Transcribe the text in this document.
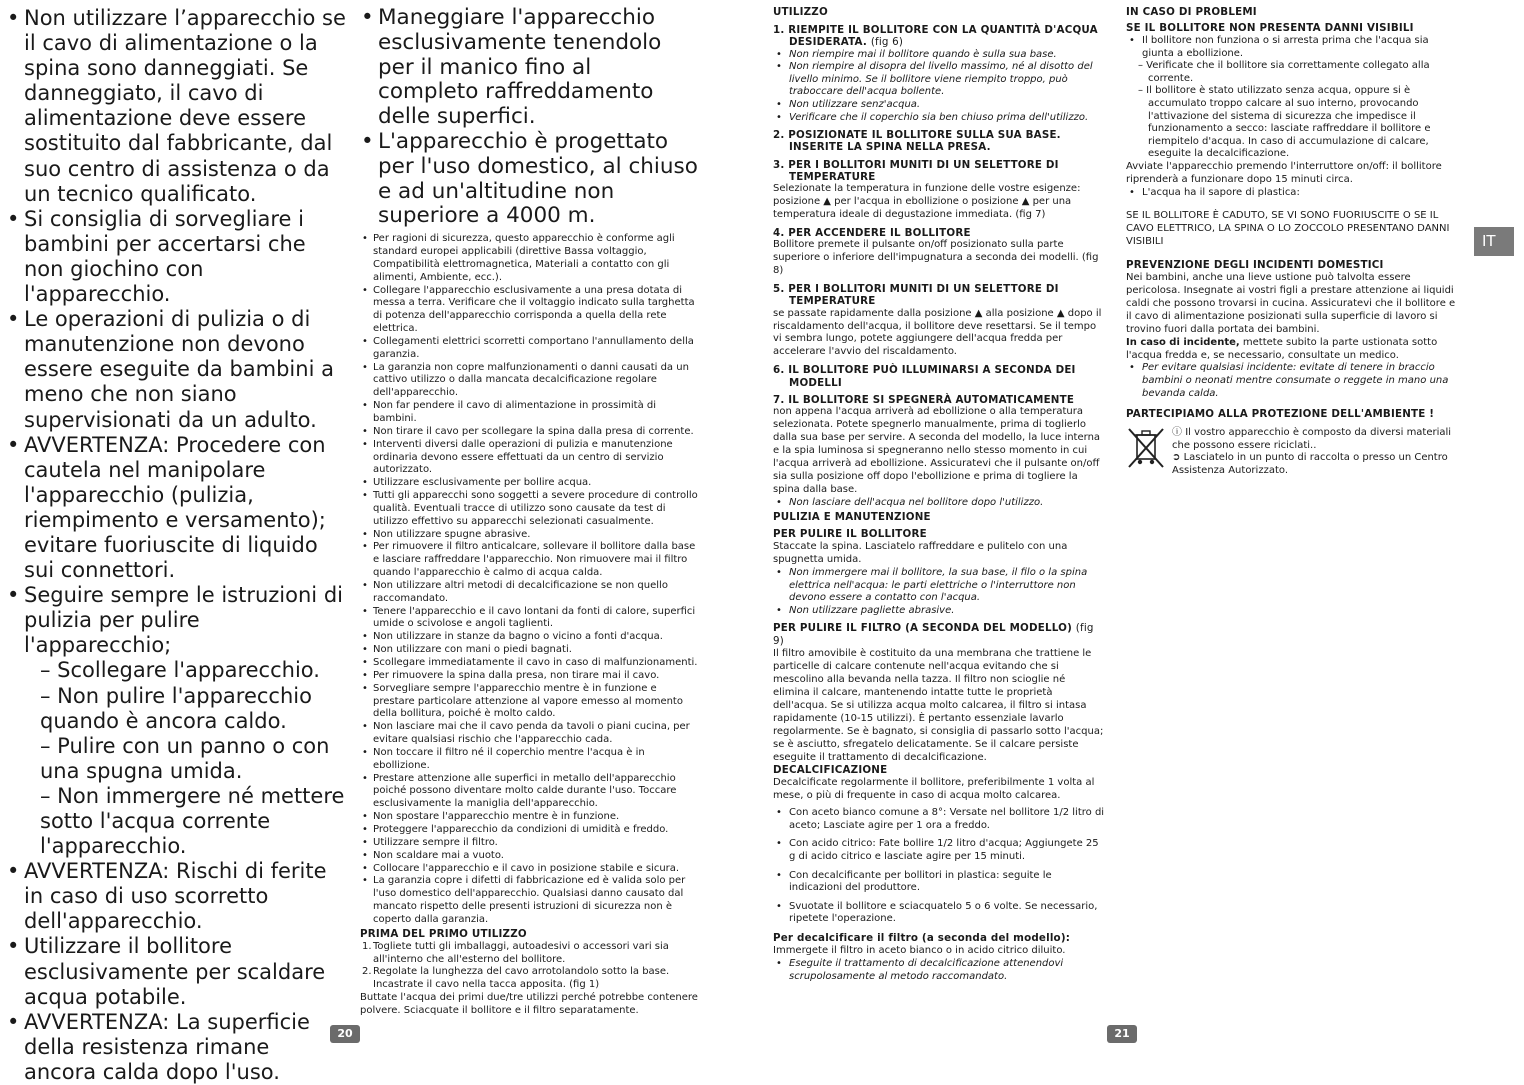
• Non utilizzare l’apparecchio se il cavo di alimentazione o la spina sono danneggiati. Se danneggiato, il cavo di alimentazione deve essere sostituito dal fabbricante, dal suo centro di assistenza o da un tecnico qualificato.
• Si consiglia di sorvegliare i bambini per accertarsi che non giochino con l'apparecchio.
• Le operazioni di pulizia o di manutenzione non devono essere eseguite da bambini a meno che non siano supervisionati da un adulto.
• AVVERTENZA: Procedere con cautela nel manipolare l'apparecchio (pulizia, riempimento e versamento); evitare fuoriuscite di liquido sui connettori.
• Seguire sempre le istruzioni di pulizia per pulire l'apparecchio;
– Scollegare l'apparecchio.
– Non pulire l'apparecchio quando è ancora caldo.
– Pulire con un panno o con una spugna umida.
– Non immergere né mettere sotto l'acqua corrente l'apparecchio.
• AVVERTENZA: Rischi di ferite in caso di uso scorretto dell'apparecchio.
• Utilizzare il bollitore esclusivamente per scaldare acqua potabile.
• AVVERTENZA: La superficie della resistenza rimane ancora calda dopo l'uso.
• Maneggiare l'apparecchio esclusivamente tenendolo per il manico fino al completo raffreddamento delle superfici.
• L'apparecchio è progettato per l'uso domestico, al chiuso e ad un'altitudine non superiore a 4000 m.
• Per ragioni di sicurezza, questo apparecchio è conforme agli standard europei applicabili (direttive Bassa voltaggio, Compatibilità elettromagnetica, Materiali a contatto con gli alimenti, Ambiente, ecc.).
• Collegare l'apparecchio esclusivamente a una presa dotata di messa a terra. Verificare che il voltaggio indicato sulla targhetta di potenza dell'apparecchio corrisponda a quella della rete elettrica.
• Collegamenti elettrici scorretti comportano l'annullamento della garanzia.
• La garanzia non copre malfunzionamenti o danni causati da un cattivo utilizzo o dalla mancata decalcificazione regolare dell'apparecchio.
• Non far pendere il cavo di alimentazione in prossimità di bambini.
• Non tirare il cavo per scollegare la spina dalla presa di corrente.
• Interventi diversi dalle operazioni di pulizia e manutenzione ordinaria devono essere effettuati da un centro di servizio autorizzato.
• Utilizzare esclusivamente per bollire acqua.
• Tutti gli apparecchi sono soggetti a severe procedure di controllo qualità. Eventuali tracce di utilizzo sono causate da test di utilizzo effettivo su apparecchi selezionati casualmente.
• Non utilizzare spugne abrasive.
• Per rimuovere il filtro anticalcare, sollevare il bollitore dalla base e lasciare raffreddare l'apparecchio. Non rimuovere mai il filtro quando l'apparecchio è calmo di acqua calda.
• Non utilizzare altri metodi di decalcificazione se non quello raccomandato.
• Tenere l'apparecchio e il cavo lontani da fonti di calore, superfici umide o scivolose e angoli taglienti.
• Non utilizzare in stanze da bagno o vicino a fonti d'acqua.
• Non utilizzare con mani o piedi bagnati.
• Scollegare immediatamente il cavo in caso di malfunzionamenti.
• Per rimuovere la spina dalla presa, non tirare mai il cavo.
• Sorvegliare sempre l'apparecchio mentre è in funzione e prestare particolare attenzione al vapore emesso al momento della bollitura, poiché è molto caldo.
• Non lasciare mai che il cavo penda da tavoli o piani cucina, per evitare qualsiasi rischio che l'apparecchio cada.
• Non toccare il filtro né il coperchio mentre l'acqua è in ebollizione.
• Prestare attenzione alle superfici in metallo dell'apparecchio poiché possono diventare molto calde durante l'uso. Toccare esclusivamente la maniglia dell'apparecchio.
• Non spostare l'apparecchio mentre è in funzione.
• Proteggere l'apparecchio da condizioni di umidità e freddo.
• Utilizzare sempre il filtro.
• Non scaldare mai a vuoto.
• Collocare l'apparecchio e il cavo in posizione stabile e sicura.
• La garanzia copre i difetti di fabbricazione ed è valida solo per l'uso domestico dell'apparecchio. Qualsiasi danno causato dal mancato rispetto delle presenti istruzioni di sicurezza non è coperto dalla garanzia.
PRIMA DEL PRIMO UTILIZZO
1. Togliete tutti gli imballaggi, autoadesivi o accessori vari sia all'interno che all'esterno del bollitore.
2. Regolate la lunghezza del cavo arrotolandolo sotto la base. Incastrate il cavo nella tacca apposita. (fig 1)
Buttate l'acqua dei primi due/tre utilizzi perché potrebbe contenere polvere. Sciacquate il bollitore e il filtro separatamente.
UTILIZZO
1. RIEMPITE IL BOLLITORE CON LA QUANTITÀ D'ACQUA DESIDERATA. (fig 6)
• Non riempire mai il bollitore quando è sulla sua base.
• Non riempire al disopra del livello massimo, né al disotto del livello minimo. Se il bollitore viene riempito troppo, può traboccare dell'acqua bollente.
• Non utilizzare senz'acqua.
• Verificare che il coperchio sia ben chiuso prima dell'utilizzo.
2. POSIZIONATE IL BOLLITORE SULLA SUA BASE. INSERITE LA SPINA NELLA PRESA.
3. PER I BOLLITORI MUNITI DI UN SELETTORE DI TEMPERATURE
Selezionate la temperatura in funzione delle vostre esigenze: posizione ▲ per l'acqua in ebollizione o posizione ▲ per una temperatura ideale di degustazione immediata. (fig 7)
4. PER ACCENDERE IL BOLLITORE
Bollitore premete il pulsante on/off posizionato sulla parte superiore o inferiore dell'impugnatura a seconda dei modelli. (fig 8)
5. PER I BOLLITORI MUNITI DI UN SELETTORE DI TEMPERATURE
se passate rapidamente dalla posizione ▲ alla posizione ▲ dopo il riscaldamento dell'acqua, il bollitore deve resettarsi. Se il tempo vi sembra lungo, potete aggiungere dell'acqua fredda per accelerare l'avvio del riscaldamento.
6. IL BOLLITORE PUÒ ILLUMINARSI A SECONDA DEI MODELLI
7. IL BOLLITORE SI SPEGNERÀ AUTOMATICAMENTE
non appena l'acqua arriverà ad ebollizione o alla temperatura selezionata. Potete spegnerlo manualmente, prima di toglierlo dalla sua base per servire. A seconda del modello, la luce interna e la spia luminosa si spegneranno nello stesso momento in cui l'acqua arriverà ad ebollizione. Assicuratevi che il pulsante on/off sia sulla posizione off dopo l'ebollizione e prima di togliere la spina dalla base.
• Non lasciare dell'acqua nel bollitore dopo l'utilizzo.
PULIZIA E MANUTENZIONE
PER PULIRE IL BOLLITORE
Staccate la spina. Lasciatelo raffreddare e pulitelo con una spugnetta umida.
• Non immergere mai il bollitore, la sua base, il filo o la spina elettrica nell'acqua: le parti elettriche o l'interruttore non devono essere a contatto con l'acqua.
• Non utilizzare pagliette abrasive.
PER PULIRE IL FILTRO (A SECONDA DEL MODELLO) (fig 9)
Il filtro amovibile è costituito da una membrana che trattiene le particelle di calcare contenute nell'acqua evitando che si mescolino alla bevanda nella tazza. Il filtro non scioglie né elimina il calcare, mantenendo intatte tutte le proprietà dell'acqua. Se si utilizza acqua molto calcarea, il filtro si intasa rapidamente (10-15 utilizzi). È pertanto essenziale lavarlo regolarmente. Se è bagnato, si consiglia di passarlo sotto l'acqua; se è asciutto, sfregatelo delicatamente. Se il calcare persiste eseguite il trattamento di decalcificazione.
DECALCIFICAZIONE
Decalcificate regolarmente il bollitore, preferibilmente 1 volta al mese, o più di frequente in caso di acqua molto calcarea.
• Con aceto bianco comune a 8°: Versate nel bollitore 1/2 litro di aceto; Lasciate agire per 1 ora a freddo.
• Con acido citrico: Fate bollire 1/2 litro d'acqua; Aggiungete 25 g di acido citrico e lasciate agire per 15 minuti.
• Con decalcificante per bollitori in plastica: seguite le indicazioni del produttore.
• Svuotate il bollitore e sciacquatelo 5 o 6 volte. Se necessario, ripetete l'operazione.
Per decalcificare il filtro (a seconda del modello):
Immergete il filtro in aceto bianco o in acido citrico diluito.
• Eseguite il trattamento di decalcificazione attenendovi scrupolosamente al metodo raccomandato.
IN CASO DI PROBLEMI
SE IL BOLLITORE NON PRESENTA DANNI VISIBILI
• Il bollitore non funziona o si arresta prima che l'acqua sia giunta a ebollizione.
– Verificate che il bollitore sia correttamente collegato alla corrente.
– Il bollitore è stato utilizzato senza acqua, oppure si è accumulato troppo calcare al suo interno, provocando l'attivazione del sistema di sicurezza che impedisce il funzionamento a secco: lasciate raffreddare il bollitore e riempitelo d'acqua. In caso di accumulazione di calcare, eseguite la decalcificazione.
Avviate l'apparecchio premendo l'interruttore on/off: il bollitore riprenderà a funzionare dopo 15 minuti circa.
• L'acqua ha il sapore di plastica:
SE IL BOLLITORE È CADUTO, SE VI SONO FUORIUSCITE O SE IL CAVO ELETTRICO, LA SPINA O LO ZOCCOLO PRESENTANO DANNI VISIBILI
PREVENZIONE DEGLI INCIDENTI DOMESTICI
Nei bambini, anche una lieve ustione può talvolta essere pericolosa. Insegnate ai vostri figli a prestare attenzione ai liquidi caldi che possono trovarsi in cucina. Assicuratevi che il bollitore e il cavo di alimentazione posizionati sulla superficie di lavoro si trovino fuori dalla portata dei bambini.
In caso di incidente, mettete subito la parte ustionata sotto l'acqua fredda e, se necessario, consultate un medico.
• Per evitare qualsiasi incidente: evitate di tenere in braccio bambini o neonati mentre consumate o reggete in mano una bevanda calda.
PARTECIPIAMO ALLA PROTEZIONE DELL'AMBIENTE !
ⓘ Il vostro apparecchio è composto da diversi materiali che possono essere riciclati..
➲ Lasciatelo in un punto di raccolta o presso un Centro Assistenza Autorizzato.
20	21
IT
